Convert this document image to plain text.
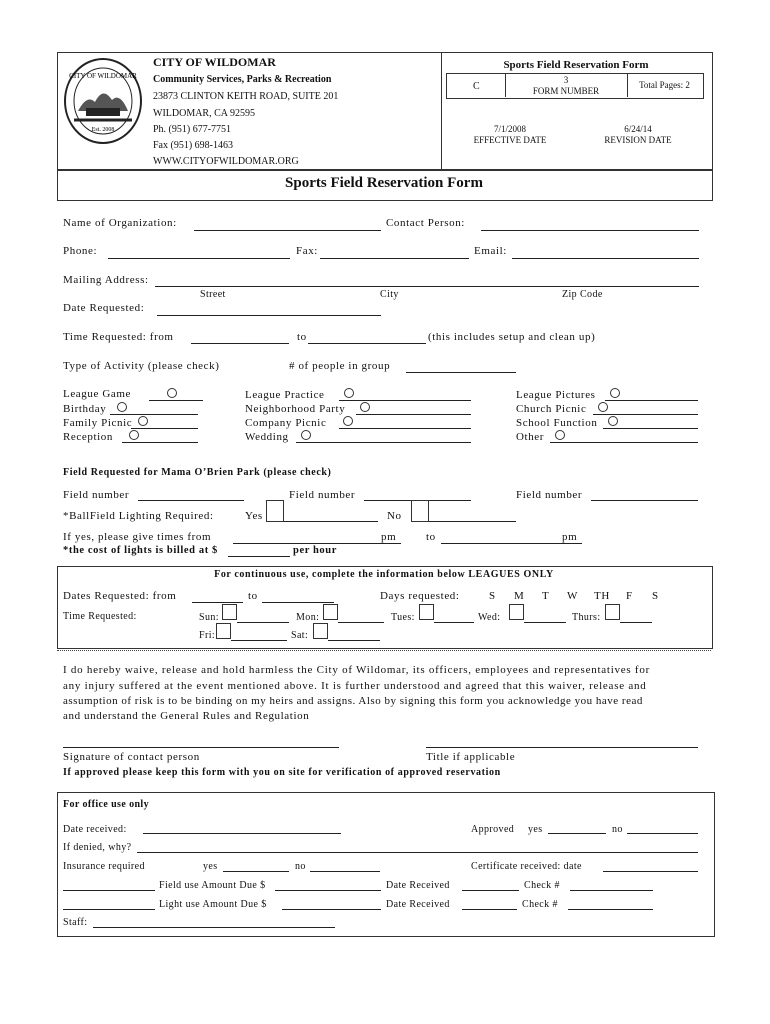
CITY OF WILDOMAR
Est. 2008
CITY OF WILDOMAR
Community Services, Parks & Recreation
23873 CLINTON KEITH ROAD, SUITE 201
WILDOMAR, CA 92595
Ph. (951) 677-7751
Fax (951) 698-1463
WWW.CITYOFWILDOMAR.ORG
Sports Field Reservation Form
C
3
FORM NUMBER
Total Pages: 2
7/1/2008
EFFECTIVE DATE
6/24/14
REVISION DATE
Sports Field Reservation Form
Name of Organization:	Contact Person:
Phone:	Fax:	Email:
Mailing Address:
Street	City	Zip Code
Date Requested:
Time Requested: from	to	(this includes setup and clean up)
Type of Activity (please check)	# of people in group
League Game
Birthday
Family Picnic
Reception
League Practice
Neighborhood Party
Company Picnic
Wedding
League Pictures
Church Picnic
School Function
Other
Field Requested for Mama O’Brien Park (please check)
Field number	Field number	Field number
*BallField Lighting Required:	Yes	No
If yes, please give times from	pm	to	pm
*the cost of lights is billed at $	per hour
For continuous use, complete the information below LEAGUES ONLY
Dates Requested: from	to	Days requested:	S M T W TH F S
Time Requested:	Sun:	Mon:	Tues:	Wed:	Thurs:
Fri:	Sat:
I do hereby waive, release and hold harmless the City of Wildomar, its officers, employees and representatives for
any injury suffered at the event mentioned above. It is further understood and agreed that this waiver, release and
assumption of risk is to be binding on my heirs and assigns. Also by signing this form you acknowledge you have read
and understand the General Rules and Regulation
Signature of contact person	Title if applicable
If approved please keep this form with you on site for verification of approved reservation
For office use only
Date received:	Approved yes	no
If denied, why?
Insurance required	yes	no	Certificate received: date
Field use Amount Due $	Date Received	Check #
Light use Amount Due $	Date Received	Check #
Staff:
